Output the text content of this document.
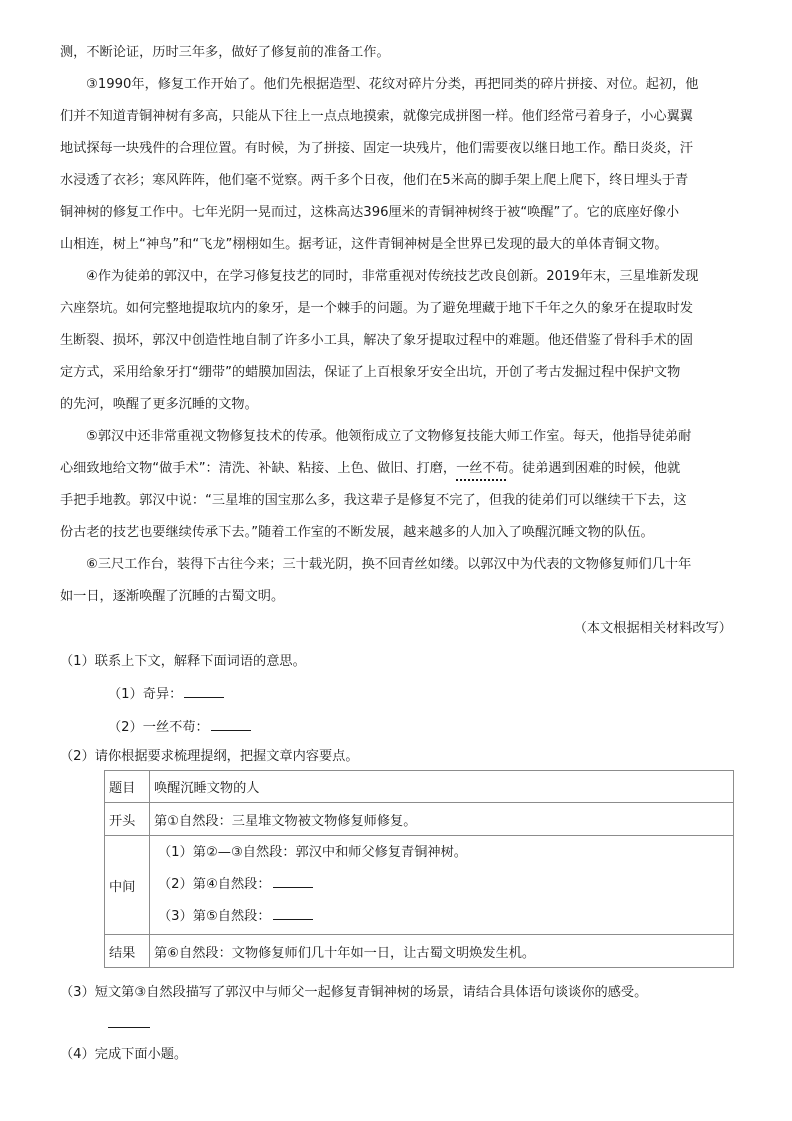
测，不断论证，历时三年多，做好了修复前的准备工作。
③1990年，修复工作开始了。他们先根据造型、花纹对碎片分类，再把同类的碎片拼接、对位。起初，他
们并不知道青铜神树有多高，只能从下往上一点点地摸索，就像完成拼图一样。他们经常弓着身子，小心翼翼
地试探每一块残件的合理位置。有时候，为了拼接、固定一块残片，他们需要夜以继日地工作。酷日炎炎，汗
水浸透了衣衫；寒风阵阵，他们毫不觉察。两千多个日夜，他们在5米高的脚手架上爬上爬下，终日埋头于青
铜神树的修复工作中。七年光阴一晃而过，这株高达396厘米的青铜神树终于被“唤醒”了。它的底座好像小
山相连，树上“神鸟”和“飞龙”栩栩如生。据考证，这件青铜神树是全世界已发现的最大的单体青铜文物。
④作为徒弟的郭汉中，在学习修复技艺的同时，非常重视对传统技艺改良创新。2019年末，三星堆新发现
六座祭坑。如何完整地提取坑内的象牙，是一个棘手的问题。为了避免埋藏于地下千年之久的象牙在提取时发
生断裂、损坏，郭汉中创造性地自制了许多小工具，解决了象牙提取过程中的难题。他还借鉴了骨科手术的固
定方式，采用给象牙打“绷带”的蜡膜加固法，保证了上百根象牙安全出坑，开创了考古发掘过程中保护文物
的先河，唤醒了更多沉睡的文物。
⑤郭汉中还非常重视文物修复技术的传承。他领衔成立了文物修复技能大师工作室。每天，他指导徒弟耐
心细致地给文物“做手术”：清洗、补缺、粘接、上色、做旧、打磨，一丝不苟。徒弟遇到困难的时候，他就
手把手地教。郭汉中说：“三星堆的国宝那么多，我这辈子是修复不完了，但我的徒弟们可以继续干下去，这
份古老的技艺也要继续传承下去。”随着工作室的不断发展，越来越多的人加入了唤醒沉睡文物的队伍。
⑥三尺工作台，装得下古往今来；三十载光阴，换不回青丝如缕。以郭汉中为代表的文物修复师们几十年
如一日，逐渐唤醒了沉睡的古蜀文明。
（本文根据相关材料改写）
（1）联系上下文，解释下面词语的意思。
（1）奇异：
（2）一丝不苟：
（2）请你根据要求梳理提纲，把握文章内容要点。
题目	唤醒沉睡文物的人
开头	第①自然段：三星堆文物被文物修复师修复。
中间	（1）第②—③自然段：郭汉中和师父修复青铜神树。
（2）第④自然段：
（3）第⑤自然段：

结果	第⑥自然段：文物修复师们几十年如一日，让古蜀文明焕发生机。
（3）短文第③自然段描写了郭汉中与师父一起修复青铜神树的场景，请结合具体语句谈谈你的感受。
（4）完成下面小题。
